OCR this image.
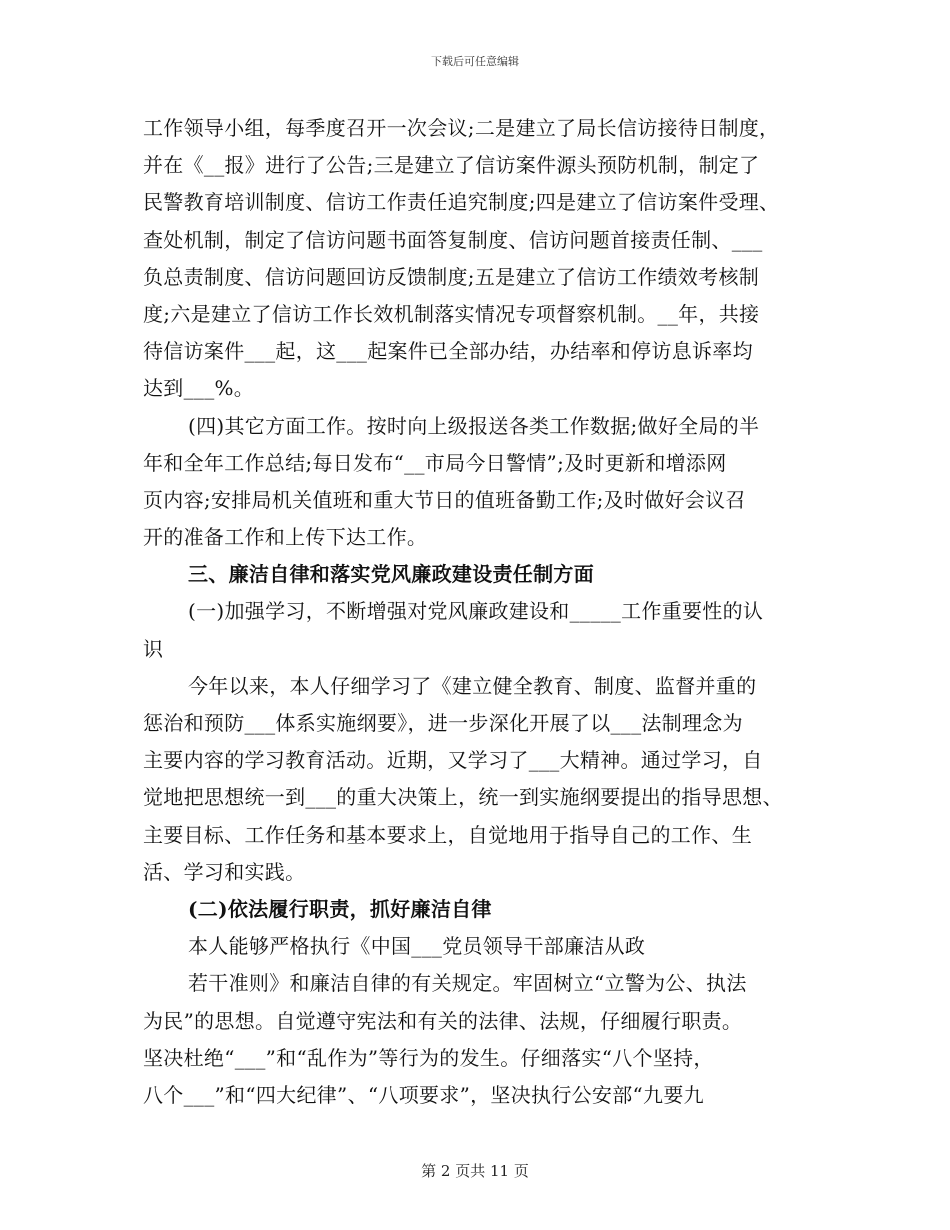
下载后可任意编辑
工作领导小组，每季度召开一次会议;二是建立了局长信访接待日制度，
并在《__报》进行了公告;三是建立了信访案件源头预防机制，制定了
民警教育培训制度、信访工作责任追究制度;四是建立了信访案件受理、
查处机制，制定了信访问题书面答复制度、信访问题首接责任制、___
负总责制度、信访问题回访反馈制度;五是建立了信访工作绩效考核制
度;六是建立了信访工作长效机制落实情况专项督察机制。__年，共接
待信访案件___起，这___起案件已全部办结，办结率和停访息诉率均
达到___%。
(四)其它方面工作。按时向上级报送各类工作数据;做好全局的半
年和全年工作总结;每日发布“__市局今日警情”;及时更新和增添网
页内容;安排局机关值班和重大节日的值班备勤工作;及时做好会议召
开的准备工作和上传下达工作。
三、廉洁自律和落实党风廉政建设责任制方面
(一)加强学习，不断增强对党风廉政建设和_____工作重要性的认
识
今年以来，本人仔细学习了《建立健全教育、制度、监督并重的
惩治和预防___体系实施纲要》，进一步深化开展了以___法制理念为
主要内容的学习教育活动。近期，又学习了___大精神。通过学习，自
觉地把思想统一到___的重大决策上，统一到实施纲要提出的指导思想、
主要目标、工作任务和基本要求上，自觉地用于指导自己的工作、生
活、学习和实践。
(二)依法履行职责，抓好廉洁自律
本人能够严格执行《中国___党员领导干部廉洁从政
若干准则》和廉洁自律的有关规定。牢固树立“立警为公、执法
为民”的思想。自觉遵守宪法和有关的法律、法规，仔细履行职责。
坚决杜绝“___”和“乱作为”等行为的发生。仔细落实“八个坚持，
八个___”和“四大纪律”、“八项要求”，坚决执行公安部“九要九
第 2 页共 11 页
